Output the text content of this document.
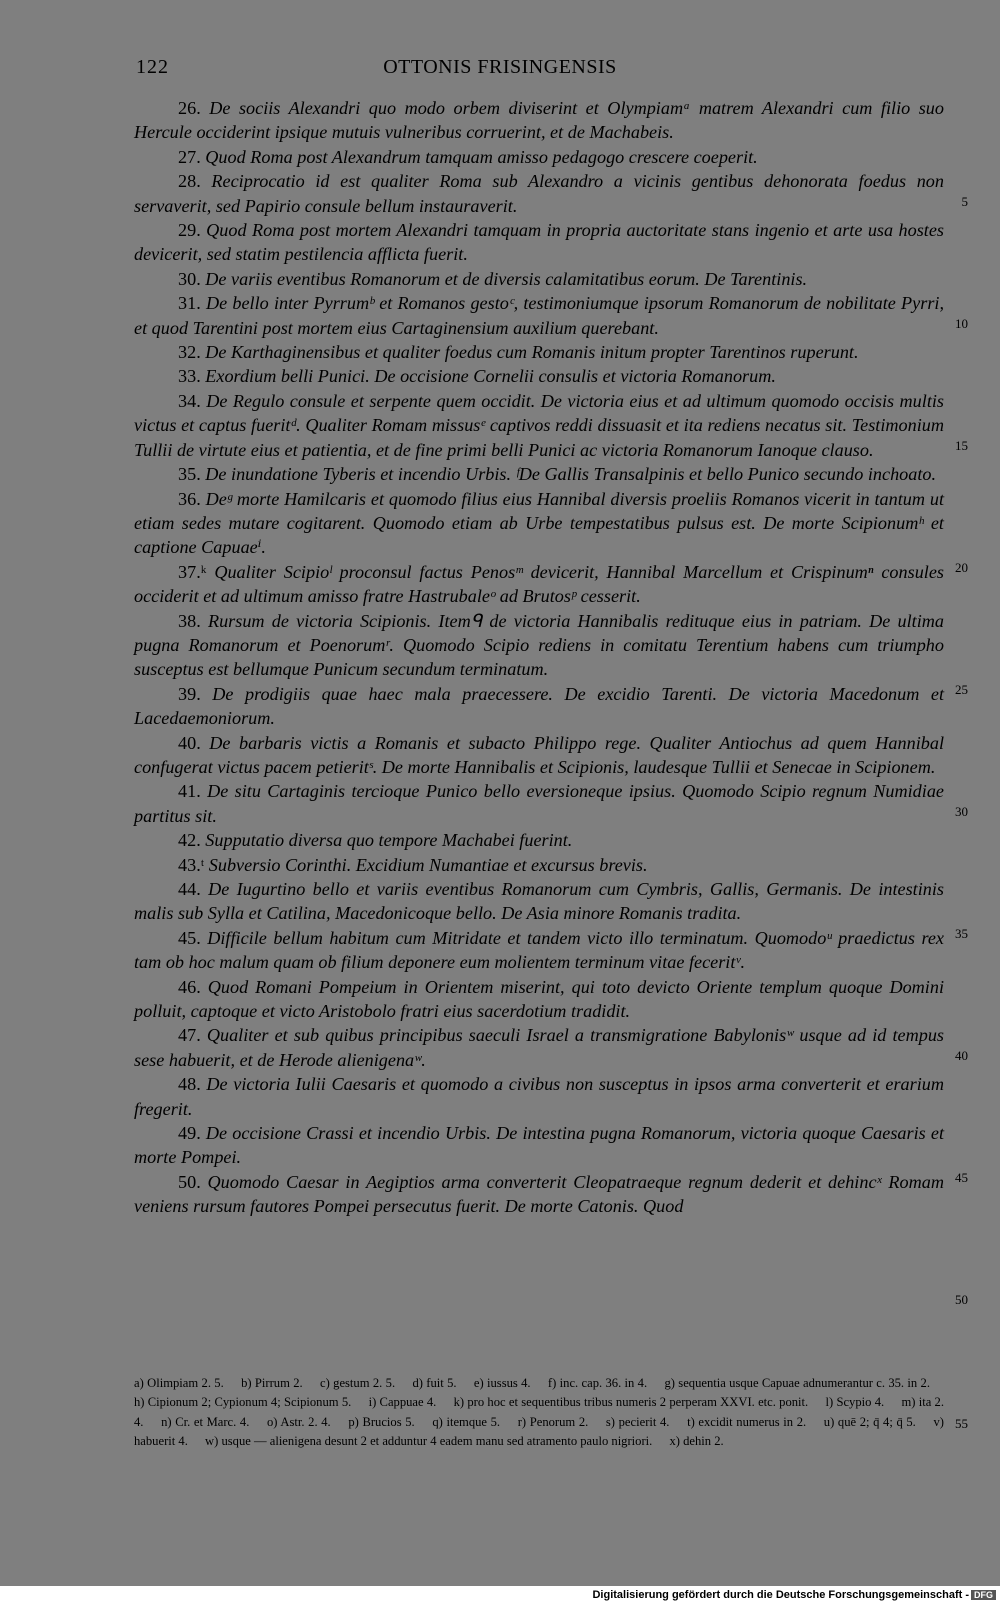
122	OTTONIS FRISINGENSIS

26. De sociis Alexandri quo modo orbem diviserint et Olympiamᵃ matrem Alexandri cum filio suo Hercule occiderint ipsique mutuis vulneribus corruerint, et de Machabeis.

27. Quod Roma post Alexandrum tamquam amisso pedagogo crescere coeperit.

28. Reciprocatio id est qualiter Roma sub Alexandro a vicinis gentibus dehonorata foedus non servaverit, sed Papirio consule bellum instauraverit.

29. Quod Roma post mortem Alexandri tamquam in propria auctoritate stans ingenio et arte usa hostes devicerit, sed statim pestilencia afflicta fuerit.

30. De variis eventibus Romanorum et de diversis calamitatibus eorum. De Tarentinis.

31. De bello inter Pyrrumᵇ et Romanos gestoᶜ, testimoniumque ipsorum Romanorum de nobilitate Pyrri, et quod Tarentini post mortem eius Cartaginensium auxilium querebant.

32. De Karthaginensibus et qualiter foedus cum Romanis initum propter Tarentinos ruperunt.

33. Exordium belli Punici. De occisione Cornelii consulis et victoria Romanorum.

34. De Regulo consule et serpente quem occidit. De victoria eius et ad ultimum quomodo occisis multis victus et captus fueritᵈ. Qualiter Romam missusᵉ captivos reddi dissuasit et ita rediens necatus sit. Testimonium Tullii de virtute eius et patientia, et de fine primi belli Punici ac victoria Romanorum Ianoque clauso.

35. De inundatione Tyberis et incendio Urbis. ᶠDe Gallis Transalpinis et bello Punico secundo inchoato.

36. Deᵍ morte Hamilcaris et quomodo filius eius Hannibal diversis proeliis Romanos vicerit in tantum ut etiam sedes mutare cogitarent. Quomodo etiam ab Urbe tempestatibus pulsus est. De morte Scipionumʰ et captione Capuaeⁱ.

37.ᵏ Qualiter Scipioˡ proconsul factus Penosᵐ devicerit, Hannibal Marcellum et Crispinumⁿ consules occiderit et ad ultimum amisso fratre Hastrubaleᵒ ad Brutosᵖ cesserit.

38. Rursum de victoria Scipionis. Itemᑫ de victoria Hannibalis redituque eius in patriam. De ultima pugna Romanorum et Poenorumʳ. Quomodo Scipio rediens in comitatu Terentium habens cum triumpho susceptus est bellumque Punicum secundum terminatum.

39. De prodigiis quae haec mala praecessere. De excidio Tarenti. De victoria Macedonum et Lacedaemoniorum.

40. De barbaris victis a Romanis et subacto Philippo rege. Qualiter Antiochus ad quem Hannibal confugerat victus pacem petieritˢ. De morte Hannibalis et Scipionis, laudesque Tullii et Senecae in Scipionem.

41. De situ Cartaginis tercioque Punico bello eversioneque ipsius. Quomodo Scipio regnum Numidiae partitus sit.

42. Supputatio diversa quo tempore Machabei fuerint.

43.ᵗ Subversio Corinthi. Excidium Numantiae et excursus brevis.

44. De Iugurtino bello et variis eventibus Romanorum cum Cymbris, Gallis, Germanis. De intestinis malis sub Sylla et Catilina, Macedonicoque bello. De Asia minore Romanis tradita.

45. Difficile bellum habitum cum Mitridate et tandem victo illo terminatum. Quomodoᵘ praedictus rex tam ob hoc malum quam ob filium deponere eum molientem terminum vitae feceritᵛ.

46. Quod Romani Pompeium in Orientem miserint, qui toto devicto Oriente templum quoque Domini polluit, captoque et victo Aristobolo fratri eius sacerdotium tradidit.

47. Qualiter et sub quibus principibus saeculi Israel a transmigratione Babylonisʷ usque ad id tempus sese habuerit, et de Herode alienigenaʷ.

48. De victoria Iulii Caesaris et quomodo a civibus non susceptus in ipsos arma converterit et erarium fregerit.

49. De occisione Crassi et incendio Urbis. De intestina pugna Romanorum, victoria quoque Caesaris et morte Pompei.

50. Quomodo Caesar in Aegiptios arma converterit Cleopatraeque regnum dederit et dehincˣ Romam veniens rursum fautores Pompei persecutus fuerit. De morte Catonis. Quod

5
10
15
20
25
30
35
40
45
50
55
a) Olimpiam 2. 5. b) Pirrum 2. c) gestum 2. 5. d) fuit 5. e) iussus 4. f) inc. cap. 36. in 4. g) sequentia usque Capuae adnumerantur c. 35. in 2. h) Cipionum 2; Cypionum 4; Scipionum 5. i) Cappuae 4. k) pro hoc et sequentibus tribus numeris 2 perperam XXVI. etc. ponit. l) Scypio 4. m) ita 2. 4. n) Cr. et Marc. 4. o) Astr. 2. 4. p) Brucios 5. q) itemque 5. r) Penorum 2. s) pecierit 4. t) excidit numerus in 2. u) quē 2; q̄ 4; q̄ 5. v) habuerit 4. w) usque — alienigena desunt 2 et adduntur 4 eadem manu sed atramento paulo nigriori. x) dehin 2.
Digitalisierung gefördert durch die Deutsche Forschungsgemeinschaft - DFG
